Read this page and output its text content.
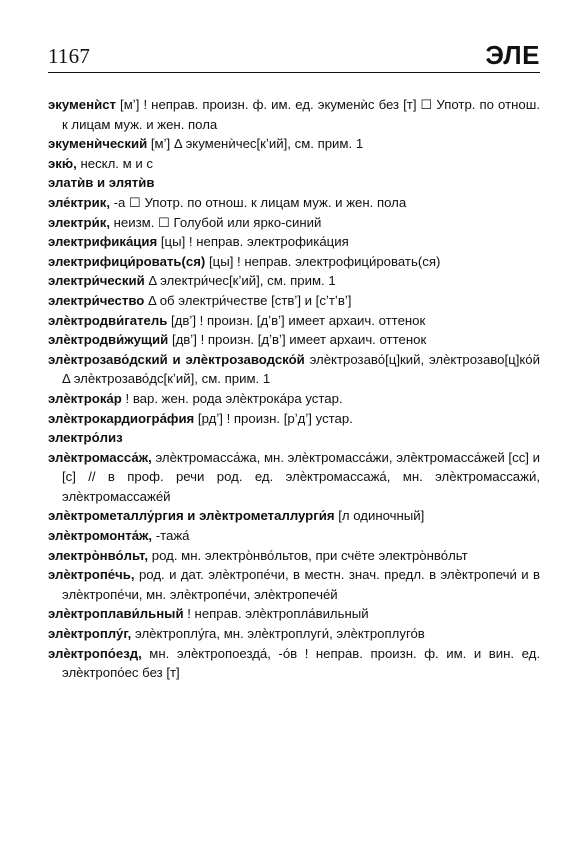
1167	ЭЛЕ

экуменѝст [мʼ] ! неправ. произн. ф. им. ед. экуменѝс без [т] ☐ Употр. по отнош. к лицам муж. и жен. пола

экуменѝческий [мʼ] Δ экуменѝчес[кʼий], см. прим. 1

экю́, нескл. м и с

элатѝв и элятѝв

эле́ктрик, -а ☐ Употр. по отнош. к лицам муж. и жен. пола

электри́к, неизм. ☐ Голубой или ярко-синий

электрифика́ция [цы] ! неправ. электрофика́ция

электрифици́ровать(ся) [цы] ! неправ. электрофици́ровать(ся)

электри́ческий Δ электри́чес[кʼий], см. прим. 1

электри́чество Δ об электри́честве [ствʼ] и [сʼтʼвʼ]

элѐктродви́гатель [двʼ] ! произн. [дʼвʼ] имеет архаич. оттенок

элѐктродви́жущий [двʼ] ! произн. [дʼвʼ] имеет архаич. оттенок

элѐктрозаво́дский и элѐктрозаводско́й элѐктрозаво́[ц]кий, элѐктрозаво[ц]ко́й Δ элѐктрозаво́дс[кʼий], см. прим. 1

элѐктрока́р ! вар. жен. рода элѐктрока́ра устар.

элѐктрокардиогра́фия [рдʼ] ! произн. [рʼдʼ] устар.

электро́лиз

элѐктромасса́ж, элѐктромасса́жа, мн. элѐктромасса́жи, элѐктромасса́жей [сс] и [с] // в проф. речи род. ед. элѐктромассажа́, мн. элѐктромассажи́, элѐктромассаже́й

элѐктрометаллу́ргия и элѐктрометаллурги́я [л одиночный]

элѐктромонта́ж, -тажа́

электро̀нво́льт, род. мн. электро̀нво́льтов, при счёте электро̀нво́льт

элѐктропе́чь, род. и дат. элѐктропе́чи, в местн. знач. предл. в элѐктропечи́ и в элѐктропе́чи, мн. элѐктропе́чи, элѐктропече́й

элѐктроплави́льный ! неправ. элѐктропла́вильный

элѐктроплу́г, элѐктроплу́га, мн. элѐктроплуги́, элѐктроплуго́в

элѐктропо́езд, мн. элѐктропоезда́, -о́в ! неправ. произн. ф. им. и вин. ед. элѐктропо́ес без [т]
